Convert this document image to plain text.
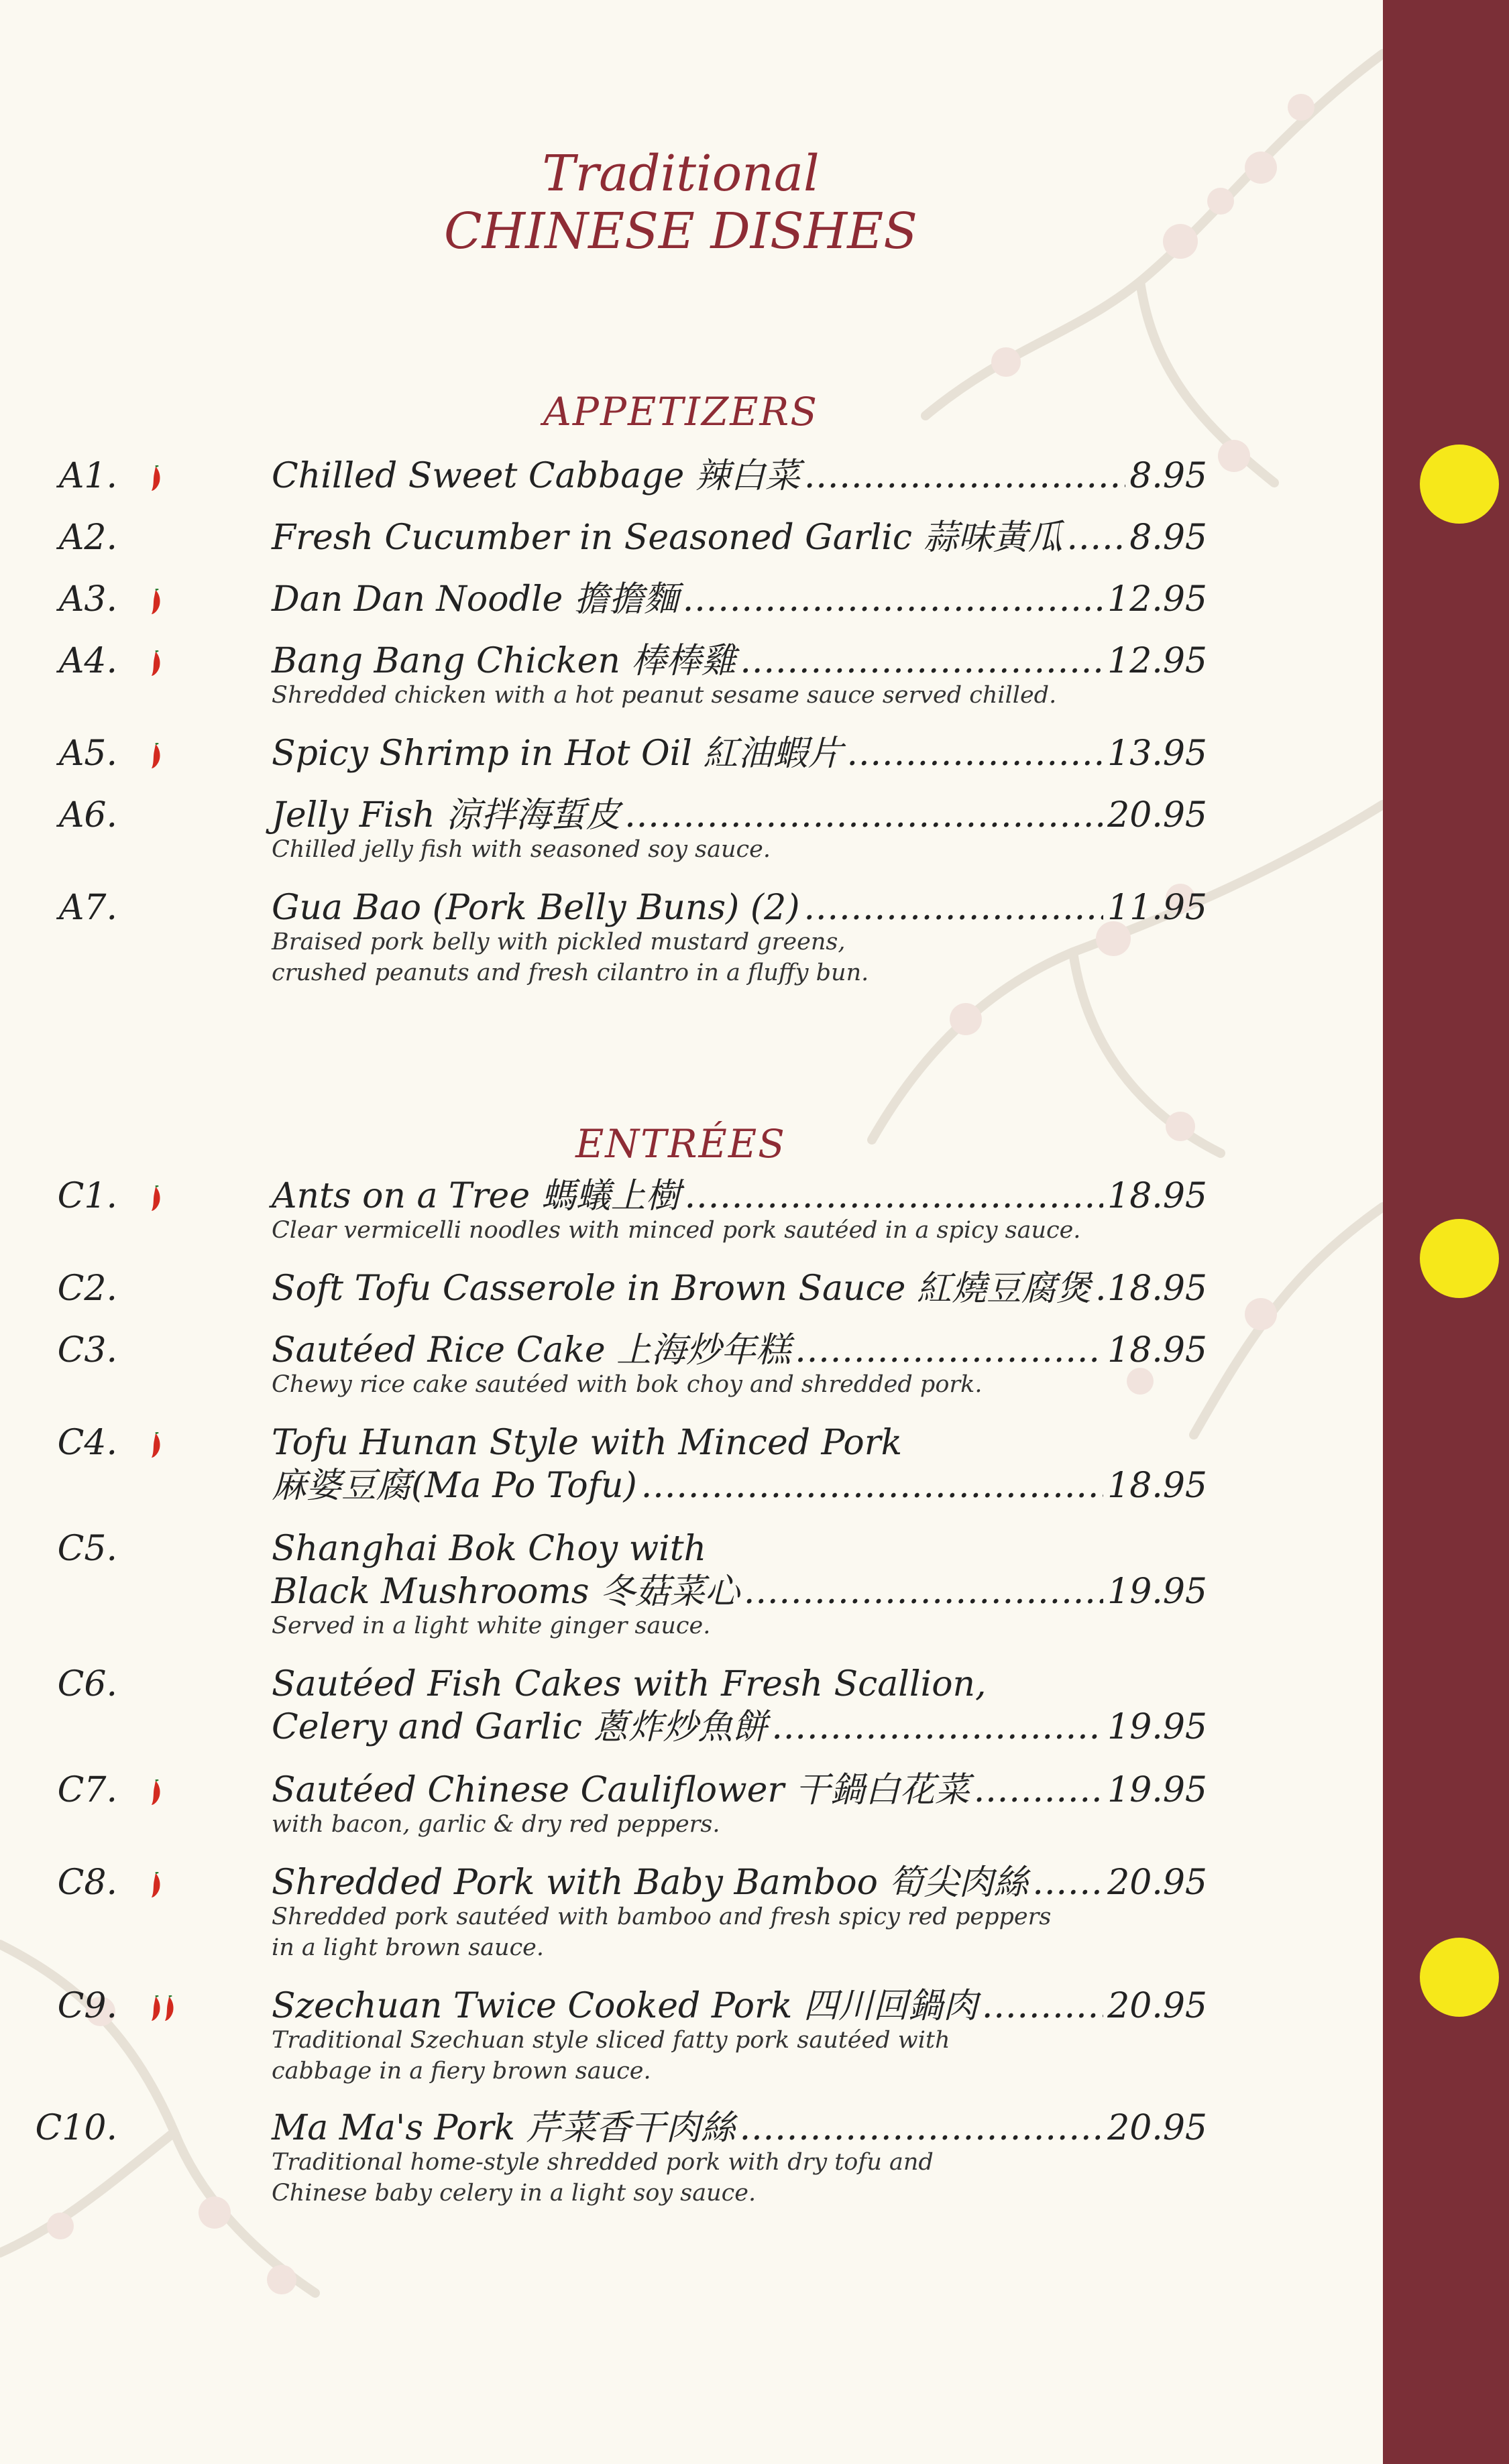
Traditional
CHINESE DISHES
APPETIZERS
A1.	Chilled Sweet Cabbage 辣白菜 .....	8.95
A2.	Fresh Cucumber in Seasoned Garlic 蒜味黃瓜 ..... 8.95
A3.	Dan Dan Noodle 擔擔麵 .....	12.95
A4.	Bang Bang Chicken 棒棒雞 .....	12.95
Shredded chicken with a hot peanut sesame sauce served chilled.
A5.	Spicy Shrimp in Hot Oil 紅油蝦片 .....	13.95
A6.	Jelly Fish 涼拌海蜇皮 .....	20.95
Chilled jelly fish with seasoned soy sauce.
A7.	Gua Bao (Pork Belly Buns) (2) .....	11.95
Braised pork belly with pickled mustard greens,
crushed peanuts and fresh cilantro in a fluffy bun.
ENTRÉES
C1.	Ants on a Tree 螞蟻上樹 .....	18.95
Clear vermicelli noodles with minced pork sautéed in a spicy sauce.
C2.	Soft Tofu Casserole in Brown Sauce 紅燒豆腐煲 ..... 18.95
C3.	Sautéed Rice Cake 上海炒年糕 .....	18.95
Chewy rice cake sautéed with bok choy and shredded pork.
C4.	Tofu Hunan Style with Minced Pork
麻婆豆腐(Ma Po Tofu) .....	18.95
C5.	Shanghai Bok Choy with
Black Mushrooms 冬菇菜心 .....	19.95
Served in a light white ginger sauce.
C6.	Sautéed Fish Cakes with Fresh Scallion,
Celery and Garlic 蔥炸炒魚餅 .....	19.95
C7.	Sautéed Chinese Cauliflower 干鍋白花菜 .....	19.95
with bacon, garlic & dry red peppers.
C8.	Shredded Pork with Baby Bamboo 筍尖肉絲 ..... 20.95
Shredded pork sautéed with bamboo and fresh spicy red peppers
in a light brown sauce.
C9.	Szechuan Twice Cooked Pork 四川回鍋肉 .....	20.95
Traditional Szechuan style sliced fatty pork sautéed with
cabbage in a fiery brown sauce.
C10.	Ma Ma's Pork 芹菜香干肉絲 .....	20.95
Traditional home-style shredded pork with dry tofu and
Chinese baby celery in a light soy sauce.
